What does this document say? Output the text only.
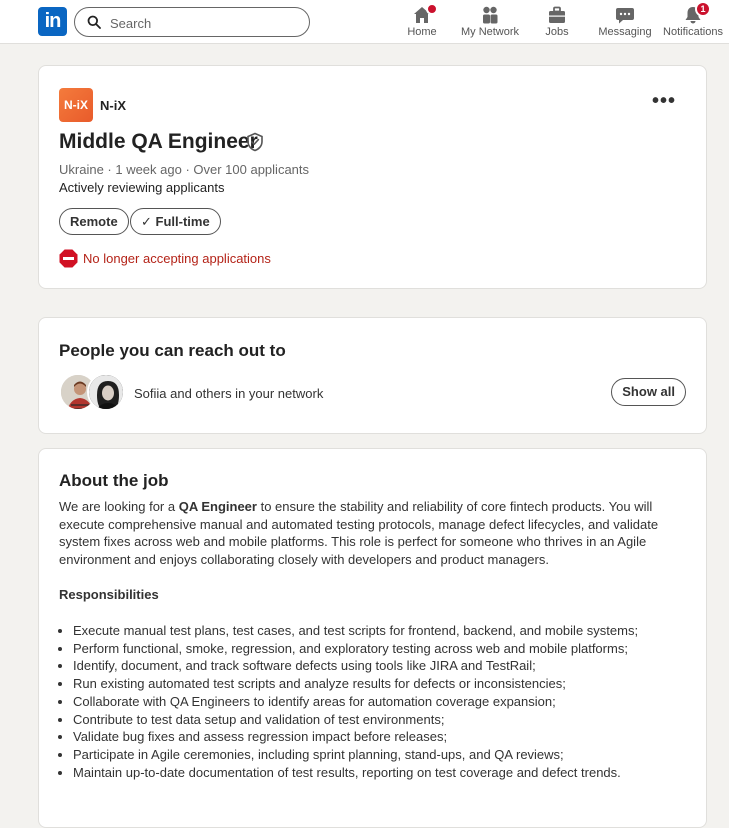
in
Search	Home	My Network	Jobs	Messaging
1
Notifications
N-iX N-iX	•••
Middle QA Engineer
Ukraine · 1 week ago · Over 100 applicants
Actively reviewing applicants
Remote	✓ Full-time
No longer accepting applications
People you can reach out to
Sofiia and others in your network	Show all
About the job
We are looking for a QA Engineer to ensure the stability and reliability of core fintech products. You will execute comprehensive manual and automated testing protocols, manage defect lifecycles, and validate system fixes across web and mobile platforms. This role is perfect for someone who thrives in an Agile environment and enjoys collaborating closely with developers and product managers.
Responsibilities
• Execute manual test plans, test cases, and test scripts for frontend, backend, and mobile systems;
• Perform functional, smoke, regression, and exploratory testing across web and mobile platforms;
• Identify, document, and track software defects using tools like JIRA and TestRail;
• Run existing automated test scripts and analyze results for defects or inconsistencies;
• Collaborate with QA Engineers to identify areas for automation coverage expansion;
• Contribute to test data setup and validation of test environments;
• Validate bug fixes and assess regression impact before releases;
• Participate in Agile ceremonies, including sprint planning, stand-ups, and QA reviews;
• Maintain up-to-date documentation of test results, reporting on test coverage and defect trends.
